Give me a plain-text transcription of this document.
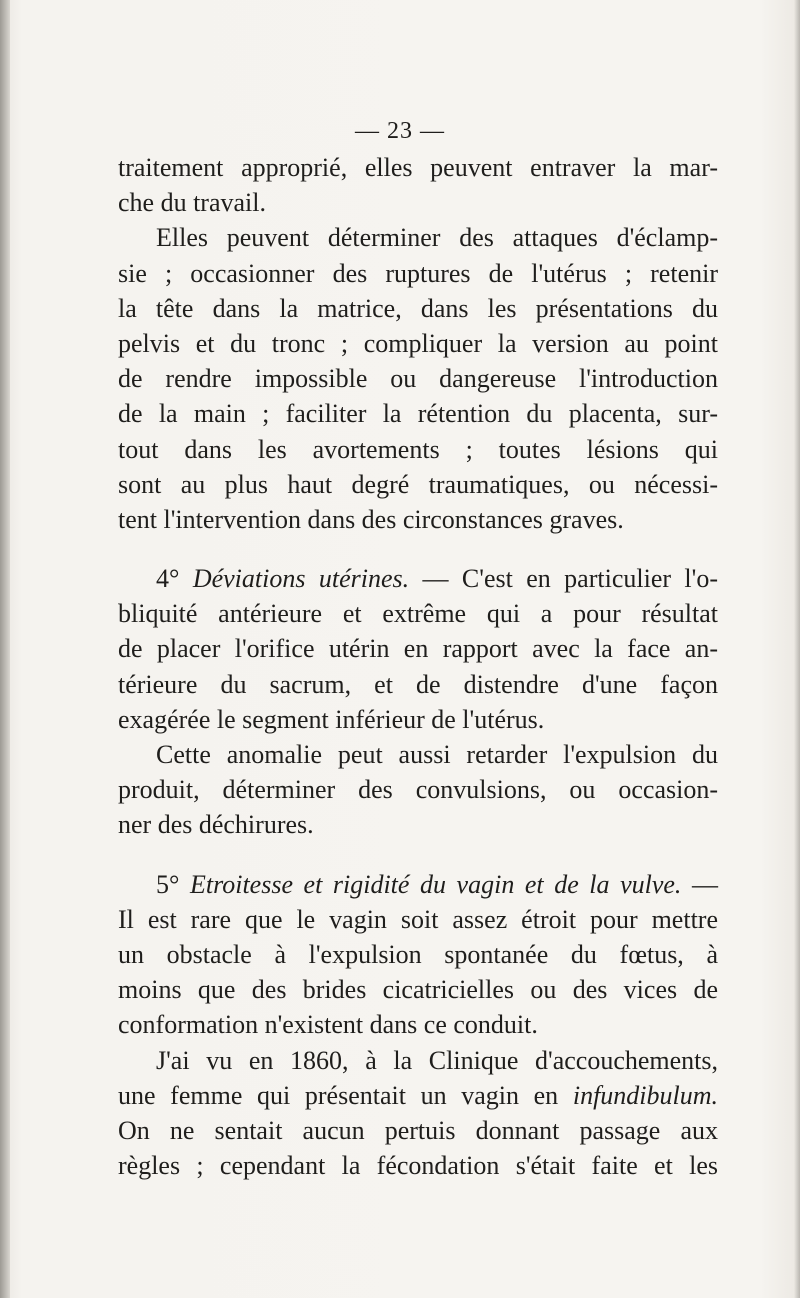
— 23 —
traitement approprié, elles peuvent entraver la mar-
che du travail.
Elles peuvent déterminer des attaques d'éclamp-
sie ; occasionner des ruptures de l'utérus ; retenir
la tête dans la matrice, dans les présentations du
pelvis et du tronc ; compliquer la version au point
de rendre impossible ou dangereuse l'introduction
de la main ; faciliter la rétention du placenta, sur-
tout dans les avortements ; toutes lésions qui
sont au plus haut degré traumatiques, ou nécessi-
tent l'intervention dans des circonstances graves.
4° Déviations utérines. — C'est en particulier l'o-
bliquité antérieure et extrême qui a pour résultat
de placer l'orifice utérin en rapport avec la face an-
térieure du sacrum, et de distendre d'une façon
exagérée le segment inférieur de l'utérus.
Cette anomalie peut aussi retarder l'expulsion du
produit, déterminer des convulsions, ou occasion-
ner des déchirures.
5° Etroitesse et rigidité du vagin et de la vulve. —
Il est rare que le vagin soit assez étroit pour mettre
un obstacle à l'expulsion spontanée du fœtus, à
moins que des brides cicatricielles ou des vices de
conformation n'existent dans ce conduit.
J'ai vu en 1860, à la Clinique d'accouchements,
une femme qui présentait un vagin en infundibulum.
On ne sentait aucun pertuis donnant passage aux
règles ; cependant la fécondation s'était faite et les
